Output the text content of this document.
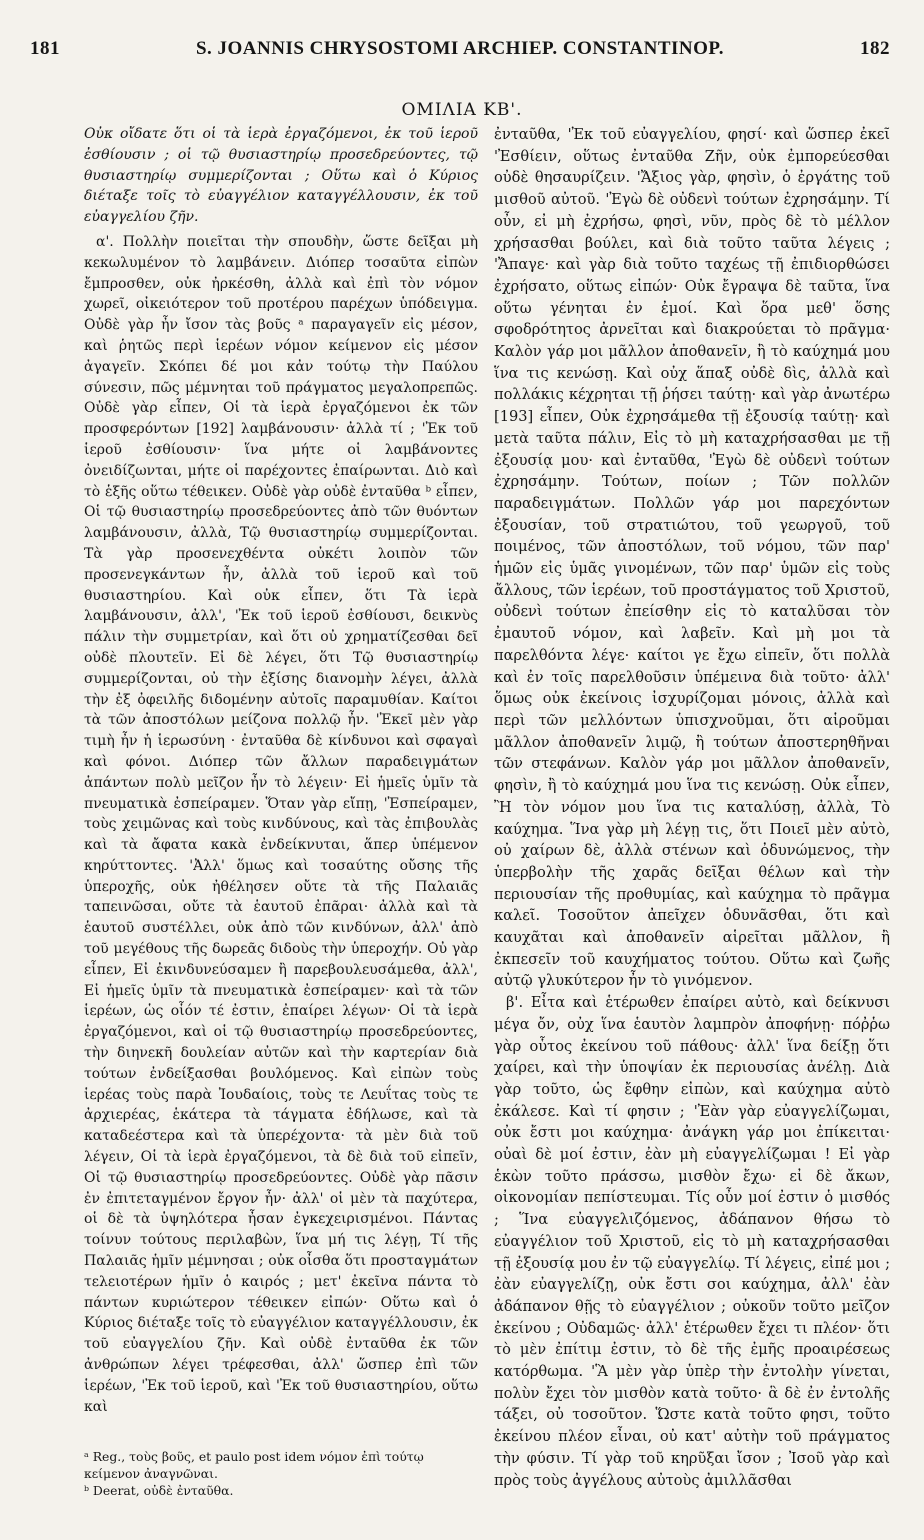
181	S. JOANNIS CHRYSOSTOMI ARCHIEP. CONSTANTINOP.	182
ΟΜΙΛΙΑ ΚΒ'.

Οὐκ οἴδατε ὅτι οἱ τὰ ἱερὰ ἐργαζόμενοι, ἐκ τοῦ ἱεροῦ ἐσθίουσιν ; οἱ τῷ θυσιαστηρίῳ προσεδρεύοντες, τῷ θυσιαστηρίῳ συμμερίζονται ; Οὕτω καὶ ὁ Κύριος διέταξε τοῖς τὸ εὐαγγέλιον καταγγέλλουσιν, ἐκ τοῦ εὐαγγελίου ζῆν.

α'. Πολλὴν ποιεῖται τὴν σπουδὴν, ὥστε δεῖξαι μὴ κεκωλυμένον τὸ λαμβάνειν. Διόπερ τοσαῦτα εἰπὼν ἔμπροσθεν, οὐκ ἠρκέσθη, ἀλλὰ καὶ ἐπὶ τὸν νόμον χωρεῖ, οἰκειότερον τοῦ προτέρου παρέχων ὑπόδειγμα. Οὐδὲ γὰρ ἦν ἴσον τὰς βοῦς ᵃ παραγαγεῖν εἰς μέσον, καὶ ῥητῶς περὶ ἱερέων νόμον κείμενον εἰς μέσον ἀγαγεῖν. Σκόπει δέ μοι κἀν τούτῳ τὴν Παύλου σύνεσιν, πῶς μέμνηται τοῦ πράγματος μεγαλοπρεπῶς. Οὐδὲ γὰρ εἶπεν, Οἱ τὰ ἱερὰ ἐργαζόμενοι ἐκ τῶν προσφερόντων [192] λαμβάνουσιν· ἀλλὰ τί ; 'Ἐκ τοῦ ἱεροῦ ἐσθίουσιν· ἵνα μήτε οἱ λαμβάνοντες ὀνειδίζωνται, μήτε οἱ παρέχοντες ἐπαίρωνται. Διὸ καὶ τὸ ἑξῆς οὕτω τέθεικεν. Οὐδὲ γὰρ οὐδὲ ἐνταῦθα ᵇ εἶπεν, Οἱ τῷ θυσιαστηρίῳ προσεδρεύοντες ἀπὸ τῶν θυόντων λαμβάνουσιν, ἀλλὰ, Τῷ θυσιαστηρίῳ συμμερίζονται. Τὰ γὰρ προσενεχθέντα οὐκέτι λοιπὸν τῶν προσενεγκάντων ἦν, ἀλλὰ τοῦ ἱεροῦ καὶ τοῦ θυσιαστηρίου. Καὶ οὐκ εἶπεν, ὅτι Τὰ ἱερὰ λαμβάνουσιν, ἀλλ', 'Ἐκ τοῦ ἱεροῦ ἐσθίουσι, δεικνὺς πάλιν τὴν συμμετρίαν, καὶ ὅτι οὐ χρηματίζεσθαι δεῖ οὐδὲ πλουτεῖν. Εἰ δὲ λέγει, ὅτι Τῷ θυσιαστηρίῳ συμμερίζονται, οὐ τὴν ἐξίσης διανομὴν λέγει, ἀλλὰ τὴν ἐξ ὀφειλῆς διδομένην αὐτοῖς παραμυθίαν. Καίτοι τὰ τῶν ἀποστόλων μείζονα πολλῷ ἦν. 'Ἐκεῖ μὲν γὰρ τιμὴ ἦν ἡ ἱερωσύνη · ἐνταῦθα δὲ κίνδυνοι καὶ σφαγαὶ καὶ φόνοι. Διόπερ τῶν ἄλλων παραδειγμάτων ἁπάντων πολὺ μεῖζον ἦν τὸ λέγειν· Εἰ ἡμεῖς ὑμῖν τὰ πνευματικὰ ἐσπείραμεν. Ὅταν γὰρ εἴπῃ, 'Ἐσπείραμεν, τοὺς χειμῶνας καὶ τοὺς κινδύνους, καὶ τὰς ἐπιβουλὰς καὶ τὰ ἄφατα κακὰ ἐνδείκνυται, ἅπερ ὑπέμενον κηρύττοντες. 'Ἀλλ' ὅμως καὶ τοσαύτης οὔσης τῆς ὑπεροχῆς, οὐκ ἠθέλησεν οὔτε τὰ τῆς Παλαιᾶς ταπεινῶσαι, οὔτε τὰ ἑαυτοῦ ἐπᾶραι· ἀλλὰ καὶ τὰ ἑαυτοῦ συστέλλει, οὐκ ἀπὸ τῶν κινδύνων, ἀλλ' ἀπὸ τοῦ μεγέθους τῆς δωρεᾶς διδοὺς τὴν ὑπεροχήν. Οὐ γὰρ εἶπεν, Εἰ ἐκινδυνεύσαμεν ἢ παρεβουλευσάμεθα, ἀλλ', Εἰ ἡμεῖς ὑμῖν τὰ πνευματικὰ ἐσπείραμεν· καὶ τὰ τῶν ἱερέων, ὡς οἷόν τέ ἐστιν, ἐπαίρει λέγων· Οἱ τὰ ἱερὰ ἐργαζόμενοι, καὶ οἱ τῷ θυσιαστηρίῳ προσεδρεύοντες, τὴν διηνεκῆ δουλείαν αὐτῶν καὶ τὴν καρτερίαν διὰ τούτων ἐνδείξασθαι βουλόμενος. Καὶ εἰπὼν τοὺς ἱερέας τοὺς παρὰ Ἰουδαίοις, τοὺς τε Λευΐτας τοὺς τε ἀρχιερέας, ἑκάτερα τὰ τάγματα ἐδήλωσε, καὶ τὰ καταδεέστερα καὶ τὰ ὑπερέχοντα· τὰ μὲν διὰ τοῦ λέγειν, Οἱ τὰ ἱερὰ ἐργαζόμενοι, τὰ δὲ διὰ τοῦ εἰπεῖν, Οἱ τῷ θυσιαστηρίῳ προσεδρεύοντες. Οὐδὲ γὰρ πᾶσιν ἐν ἐπιτεταγμένον ἔργον ἦν· ἀλλ' οἱ μὲν τὰ παχύτερα, οἱ δὲ τὰ ὑψηλότερα ἦσαν ἐγκεχειρισμένοι. Πάντας τοίνυν τούτους περιλαβὼν, ἵνα μή τις λέγῃ, Τί τῆς Παλαιᾶς ἡμῖν μέμνησαι ; οὐκ οἶσθα ὅτι προσταγμάτων τελειοτέρων ἡμῖν ὁ καιρός ; μετ' ἐκεῖνα πάντα τὸ πάντων κυριώτερον τέθεικεν εἰπών· Οὕτω καὶ ὁ Κύριος διέταξε τοῖς τὸ εὐαγγέλιον καταγγέλλουσιν, ἐκ τοῦ εὐαγγελίου ζῆν. Καὶ οὐδὲ ἐνταῦθα ἐκ τῶν ἀνθρώπων λέγει τρέφεσθαι, ἀλλ' ὥσπερ ἐπὶ τῶν ἱερέων, 'Ἐκ τοῦ ἱεροῦ, καὶ 'Ἐκ τοῦ θυσιαστηρίου, οὕτω καὶ

ἐνταῦθα, 'Ἐκ τοῦ εὐαγγελίου, φησί· καὶ ὥσπερ ἐκεῖ 'Ἐσθίειν, οὕτως ἐνταῦθα Ζῆν, οὐκ ἐμπορεύεσθαι οὐδὲ θησαυρίζειν. 'Ἄξιος γὰρ, φησὶν, ὁ ἐργάτης τοῦ μισθοῦ αὐτοῦ. 'Ἐγὼ δὲ οὐδενὶ τούτων ἐχρησάμην. Τί οὖν, εἰ μὴ ἐχρήσω, φησὶ, νῦν, πρὸς δὲ τὸ μέλλον χρήσασθαι βούλει, καὶ διὰ τοῦτο ταῦτα λέγεις ; 'Ἄπαγε· καὶ γὰρ διὰ τοῦτο ταχέως τῇ ἐπιδιορθώσει ἐχρήσατο, οὕτως εἰπών· Οὐκ ἔγραψα δὲ ταῦτα, ἵνα οὕτω γένηται ἐν ἐμοί. Καὶ ὅρα μεθ' ὅσης σφοδρότητος ἀρνεῖται καὶ διακρούεται τὸ πρᾶγμα· Καλὸν γάρ μοι μᾶλλον ἀποθανεῖν, ἢ τὸ καύχημά μου ἵνα τις κενώσῃ. Καὶ οὐχ ἅπαξ οὐδὲ δὶς, ἀλλὰ καὶ πολλάκις κέχρηται τῇ ῥήσει ταύτῃ· καὶ γὰρ ἀνωτέρω [193] εἶπεν, Οὐκ ἐχρησάμεθα τῇ ἐξουσίᾳ ταύτῃ· καὶ μετὰ ταῦτα πάλιν, Εἰς τὸ μὴ καταχρήσασθαι με τῇ ἐξουσίᾳ μου· καὶ ἐνταῦθα, 'Ἐγὼ δὲ οὐδενὶ τούτων ἐχρησάμην. Τούτων, ποίων ; Τῶν πολλῶν παραδειγμάτων. Πολλῶν γάρ μοι παρεχόντων ἐξουσίαν, τοῦ στρατιώτου, τοῦ γεωργοῦ, τοῦ ποιμένος, τῶν ἀποστόλων, τοῦ νόμου, τῶν παρ' ἡμῶν εἰς ὑμᾶς γινομένων, τῶν παρ' ὑμῶν εἰς τοὺς ἄλλους, τῶν ἱερέων, τοῦ προστάγματος τοῦ Χριστοῦ, οὐδενὶ τούτων ἐπείσθην εἰς τὸ καταλῦσαι τὸν ἐμαυτοῦ νόμον, καὶ λαβεῖν. Καὶ μὴ μοι τὰ παρελθόντα λέγε· καίτοι γε ἔχω εἰπεῖν, ὅτι πολλὰ καὶ ἐν τοῖς παρελθοῦσιν ὑπέμεινα διὰ τοῦτο· ἀλλ' ὅμως οὐκ ἐκείνοις ἰσχυρίζομαι μόνοις, ἀλλὰ καὶ περὶ τῶν μελλόντων ὑπισχνοῦμαι, ὅτι αἱροῦμαι μᾶλλον ἀποθανεῖν λιμῷ, ἢ τούτων ἀποστερηθῆναι τῶν στεφάνων. Καλὸν γάρ μοι μᾶλλον ἀποθανεῖν, φησὶν, ἢ τὸ καύχημά μου ἵνα τις κενώσῃ. Οὐκ εἶπεν, Ἢ τὸν νόμον μου ἵνα τις καταλύσῃ, ἀλλὰ, Τὸ καύχημα. Ἵνα γὰρ μὴ λέγῃ τις, ὅτι Ποιεῖ μὲν αὐτὸ, οὐ χαίρων δὲ, ἀλλὰ στένων καὶ ὀδυνώμενος, τὴν ὑπερβολὴν τῆς χαρᾶς δεῖξαι θέλων καὶ τὴν περιουσίαν τῆς προθυμίας, καὶ καύχημα τὸ πρᾶγμα καλεῖ. Τοσοῦτον ἀπεῖχεν ὀδυνᾶσθαι, ὅτι καὶ καυχᾶται καὶ ἀποθανεῖν αἱρεῖται μᾶλλον, ἢ ἐκπεσεῖν τοῦ καυχήματος τούτου. Οὕτω καὶ ζωῆς αὐτῷ γλυκύτερον ἦν τὸ γινόμενον.

β'. Εἶτα καὶ ἑτέρωθεν ἐπαίρει αὐτὸ, καὶ δείκνυσι μέγα ὄν, οὐχ ἵνα ἑαυτὸν λαμπρὸν ἀποφήνῃ· πόῤῥω γὰρ οὗτος ἐκείνου τοῦ πάθους· ἀλλ' ἵνα δείξῃ ὅτι χαίρει, καὶ τὴν ὑποψίαν ἐκ περιουσίας ἀνέλῃ. Διὰ γὰρ τοῦτο, ὡς ἔφθην εἰπὼν, καὶ καύχημα αὐτὸ ἐκάλεσε. Καὶ τί φησιν ; 'Ἐὰν γὰρ εὐαγγελίζωμαι, οὐκ ἔστι μοι καύχημα· ἀνάγκη γάρ μοι ἐπίκειται· οὐαὶ δὲ μοί ἐστιν, ἐὰν μὴ εὐαγγελίζωμαι ! Εἰ γὰρ ἑκὼν τοῦτο πράσσω, μισθὸν ἔχω· εἰ δὲ ἄκων, οἰκονομίαν πεπίστευμαι. Τίς οὖν μοί ἐστιν ὁ μισθός ; Ἵνα εὐαγγελιζόμενος, ἀδάπανον θήσω τὸ εὐαγγέλιον τοῦ Χριστοῦ, εἰς τὸ μὴ καταχρήσασθαι τῇ ἐξουσίᾳ μου ἐν τῷ εὐαγγελίῳ. Τί λέγεις, εἰπέ μοι ; ἐὰν εὐαγγελίζῃ, οὐκ ἔστι σοι καύχημα, ἀλλ' ἐὰν ἀδάπανον θῇς τὸ εὐαγγέλιον ; οὐκοῦν τοῦτο μεῖζον ἐκείνου ; Οὐδαμῶς· ἀλλ' ἑτέρωθεν ἔχει τι πλέον· ὅτι τὸ μὲν ἐπίτιμ ἐστιν, τὸ δὲ τῆς ἐμῆς προαιρέσεως κατόρθωμα. 'Ἃ μὲν γὰρ ὑπὲρ τὴν ἐντολὴν γίνεται, πολὺν ἔχει τὸν μισθὸν κατὰ τοῦτο· ἃ δὲ ἐν ἐντολῆς τάξει, οὐ τοσοῦτον. Ὥστε κατὰ τοῦτο φησι, τοῦτο ἐκείνου πλέον εἶναι, οὐ κατ' αὐτὴν τοῦ πράγματος τὴν φύσιν. Τί γὰρ τοῦ κηρῦξαι ἴσον ; Ἰσοῦ γὰρ καὶ πρὸς τοὺς ἀγγέλους αὐτοὺς ἀμιλλᾶσθαι

ᵃ Reg., τοὺς βοῦς, et paulo post idem νόμον ἐπὶ τούτῳ κείμενον ἀναγνῶναι.

ᵇ Deerat, οὐδὲ ἐνταῦθα.
